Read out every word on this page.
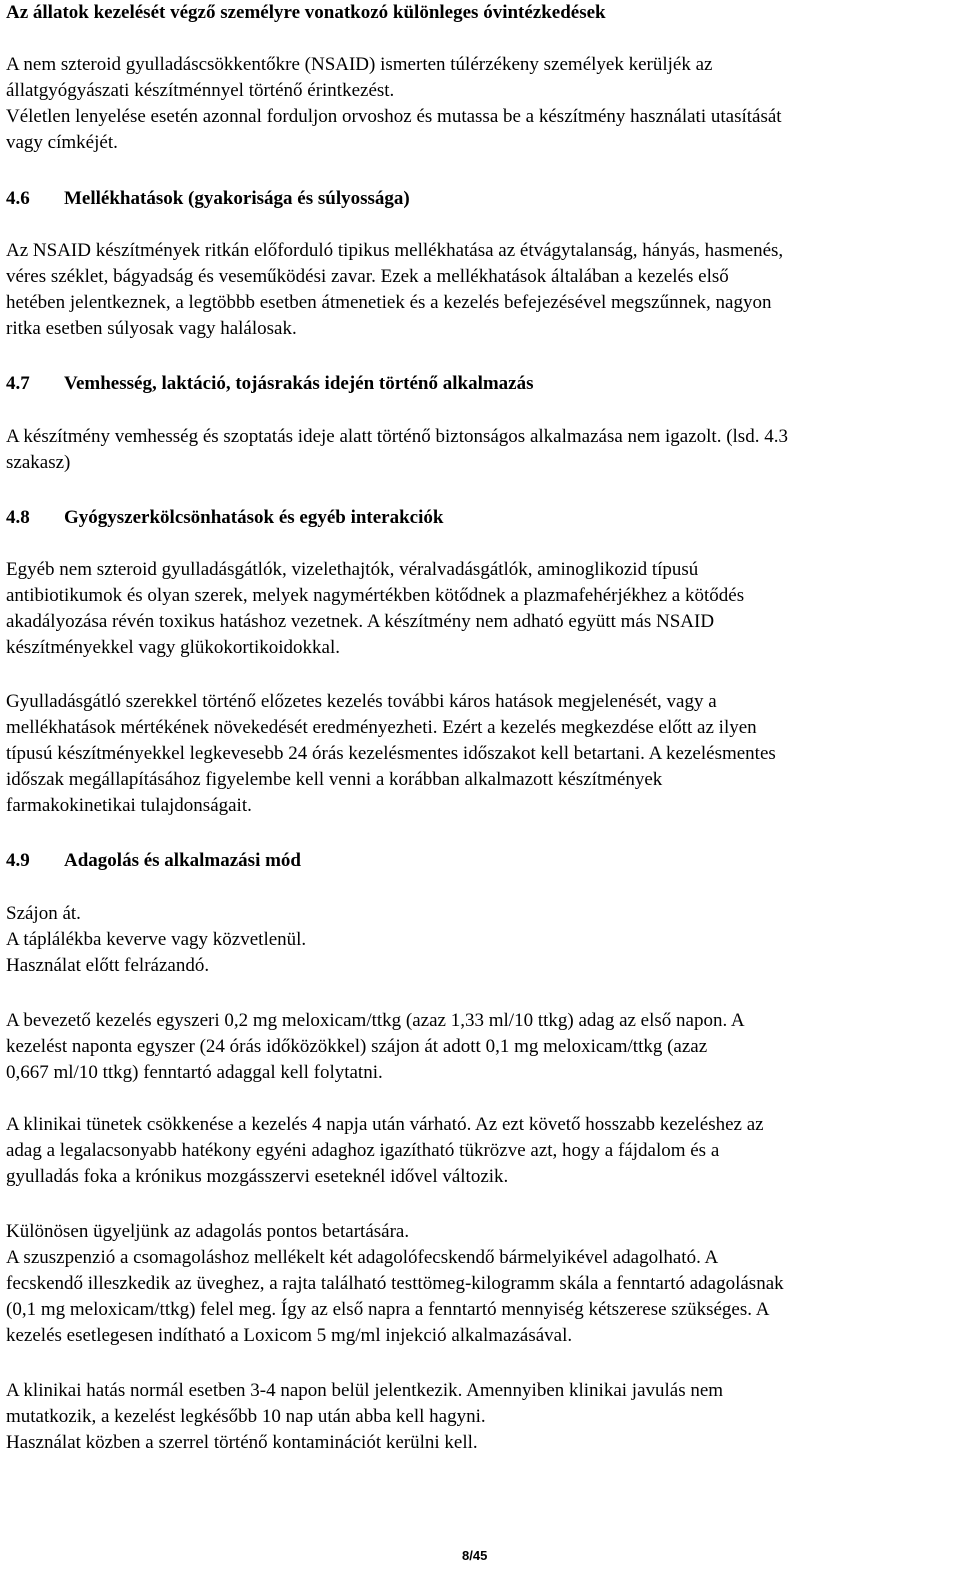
Az állatok kezelését végző személyre vonatkozó különleges óvintézkedések
A nem szteroid gyulladáscsökkentőkre (NSAID) ismerten túlérzékeny személyek kerüljék az
állatgyógyászati készítménnyel történő érintkezést.
Véletlen lenyelése esetén azonnal forduljon orvoshoz és mutassa be a készítmény használati utasítását
vagy címkéjét.
4.6 Mellékhatások (gyakorisága és súlyossága)
Az NSAID készítmények ritkán előforduló tipikus mellékhatása az étvágytalanság, hányás, hasmenés,
véres széklet, bágyadság és veseműködési zavar. Ezek a mellékhatások általában a kezelés első
hetében jelentkeznek, a legtöbbb esetben átmenetiek és a kezelés befejezésével megszűnnek, nagyon
ritka esetben súlyosak vagy halálosak.
4.7 Vemhesség, laktáció, tojásrakás idején történő alkalmazás
A készítmény vemhesség és szoptatás ideje alatt történő biztonságos alkalmazása nem igazolt. (lsd. 4.3
szakasz)
4.8 Gyógyszerkölcsönhatások és egyéb interakciók
Egyéb nem szteroid gyulladásgátlók, vizelethajtók, véralvadásgátlók, aminoglikozid típusú
antibiotikumok és olyan szerek, melyek nagymértékben kötődnek a plazmafehérjékhez a kötődés
akadályozása révén toxikus hatáshoz vezetnek. A készítmény nem adható együtt más NSAID
készítményekkel vagy glükokortikoidokkal.
Gyulladásgátló szerekkel történő előzetes kezelés további káros hatások megjelenését, vagy a
mellékhatások mértékének növekedését eredményezheti. Ezért a kezelés megkezdése előtt az ilyen
típusú készítményekkel legkevesebb 24 órás kezelésmentes időszakot kell betartani. A kezelésmentes
időszak megállapításához figyelembe kell venni a korábban alkalmazott készítmények
farmakokinetikai tulajdonságait.
4.9 Adagolás és alkalmazási mód
Szájon át.
A táplálékba keverve vagy közvetlenül.
Használat előtt felrázandó.
A bevezető kezelés egyszeri 0,2 mg meloxicam/ttkg (azaz 1,33 ml/10 ttkg) adag az első napon. A
kezelést naponta egyszer (24 órás időközökkel) szájon át adott 0,1 mg meloxicam/ttkg (azaz
0,667 ml/10 ttkg) fenntartó adaggal kell folytatni.
A klinikai tünetek csökkenése a kezelés 4 napja után várható. Az ezt követő hosszabb kezeléshez az
adag a legalacsonyabb hatékony egyéni adaghoz igazítható tükrözve azt, hogy a fájdalom és a
gyulladás foka a krónikus mozgásszervi eseteknél idővel változik.
Különösen ügyeljünk az adagolás pontos betartására.
A szuszpenzió a csomagoláshoz mellékelt két adagolófecskendő bármelyikével adagolható. A
fecskendő illeszkedik az üveghez, a rajta található testtömeg-kilogramm skála a fenntartó adagolásnak
(0,1 mg meloxicam/ttkg) felel meg. Így az első napra a fenntartó mennyiség kétszerese szükséges. A
kezelés esetlegesen indítható a Loxicom 5 mg/ml injekció alkalmazásával.
A klinikai hatás normál esetben 3-4 napon belül jelentkezik. Amennyiben klinikai javulás nem
mutatkozik, a kezelést legkésőbb 10 nap után abba kell hagyni.
Használat közben a szerrel történő kontaminációt kerülni kell.
8/45
